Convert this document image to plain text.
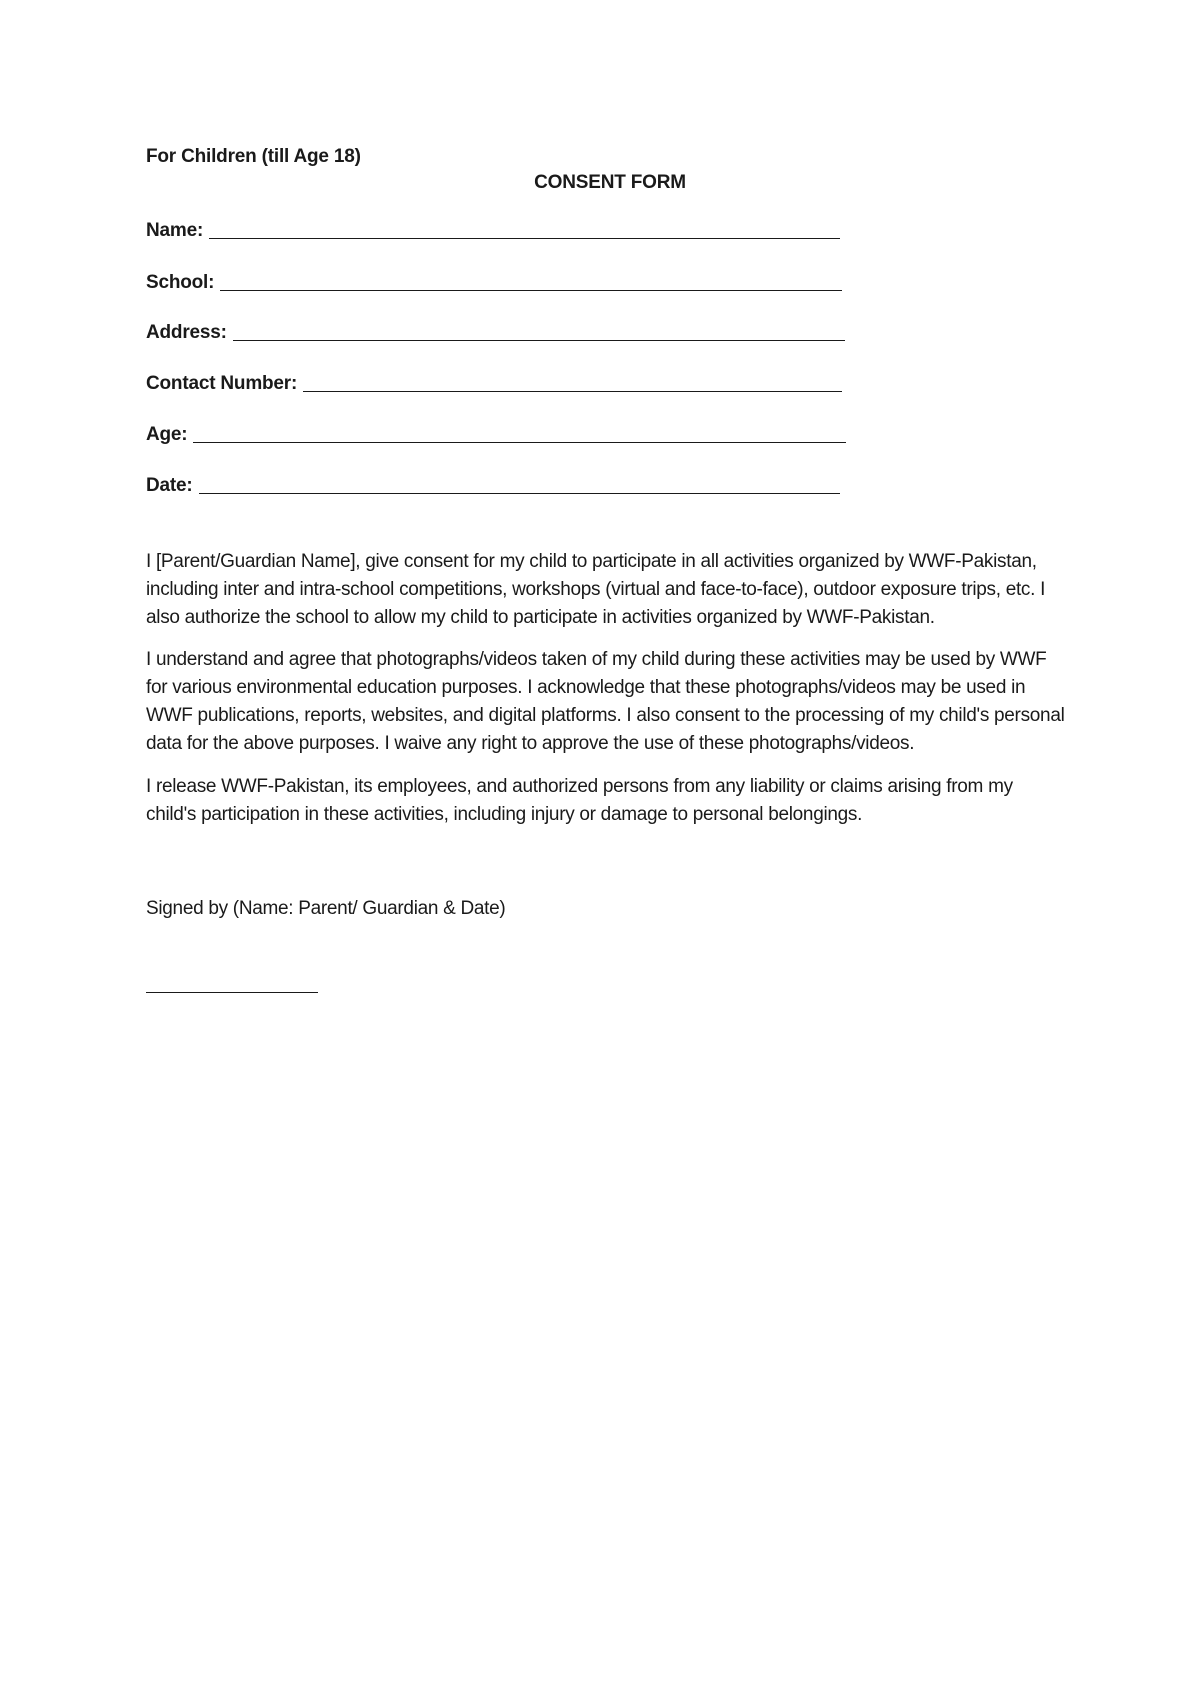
For Children (till Age 18)
CONSENT FORM
Name:
School:
Address:
Contact Number:
Age:
Date:

I [Parent/Guardian Name], give consent for my child to participate in all activities organized by WWF-Pakistan, including inter and intra-school competitions, workshops (virtual and face-to-face), outdoor exposure trips, etc. I also authorize the school to allow my child to participate in activities organized by WWF-Pakistan.

I understand and agree that photographs/videos taken of my child during these activities may be used by WWF for various environmental education purposes. I acknowledge that these photographs/videos may be used in WWF publications, reports, websites, and digital platforms. I also consent to the processing of my child's personal data for the above purposes. I waive any right to approve the use of these photographs/videos.

I release WWF-Pakistan, its employees, and authorized persons from any liability or claims arising from my child's participation in these activities, including injury or damage to personal belongings.

Signed by (Name: Parent/ Guardian & Date)
